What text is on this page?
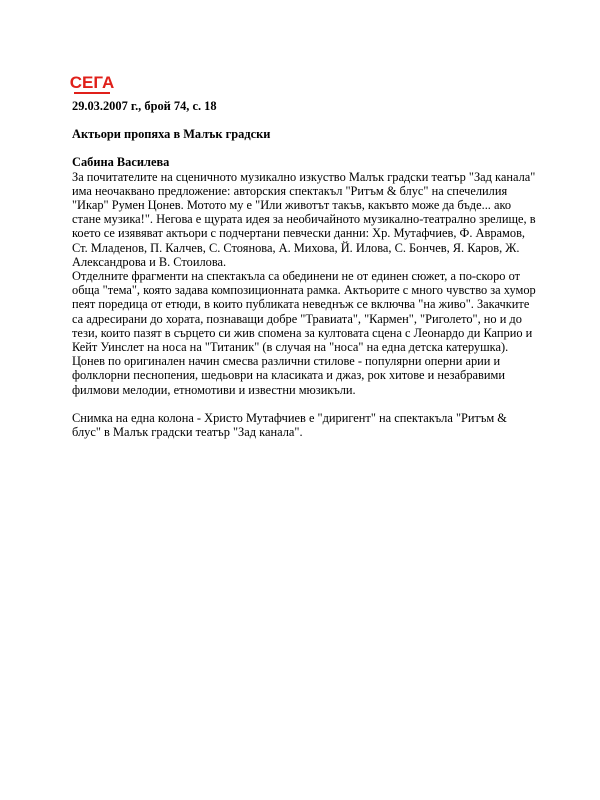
СЕГА

29.03.2007 г., брой 74, с. 18

Актьори пропяха в Малък градски

Сабина Василева

За почитателите на сценичното музикално изкуство Малък градски театър "Зад канала"
има неочаквано предложение: авторския спектакъл "Ритъм & блус" на спечелилия
"Икар" Румен Цонев. Мотото му е "Или животът такъв, какъвто може да бъде... ако
стане музика!". Негова е щурата идея за необичайното музикално-театрално зрелище, в
което се изявяват актьори с подчертани певчески данни: Хр. Мутафчиев, Ф. Аврамов,
Ст. Младенов, П. Калчев, С. Стоянова, А. Михова, Й. Илова, С. Бончев, Я. Каров, Ж.
Александрова и В. Стоилова.
Отделните фрагменти на спектакъла са обединени не от единен сюжет, а по-скоро от
обща "тема", която задава композиционната рамка. Актьорите с много чувство за хумор
пеят поредица от етюди, в които публиката неведнъж се включва "на живо". Закачките
са адресирани до хората, познаващи добре "Травиата", "Кармен", "Риголето", но и до
тези, които пазят в сърцето си жив спомена за култовата сцена с Леонардо ди Каприо и
Кейт Уинслет на носа на "Титаник" (в случая на "носа" на една детска катерушка).
Цонев по оригинален начин смесва различни стилове - популярни оперни арии и
фолклорни песнопения, шедьоври на класиката и джаз, рок хитове и незабравими
филмови мелодии, етномотиви и известни мюзикъли.
Снимка на една колона - Христо Мутафчиев е "диригент" на спектакъла "Ритъм &
блус" в Малък градски театър "Зад канала".
